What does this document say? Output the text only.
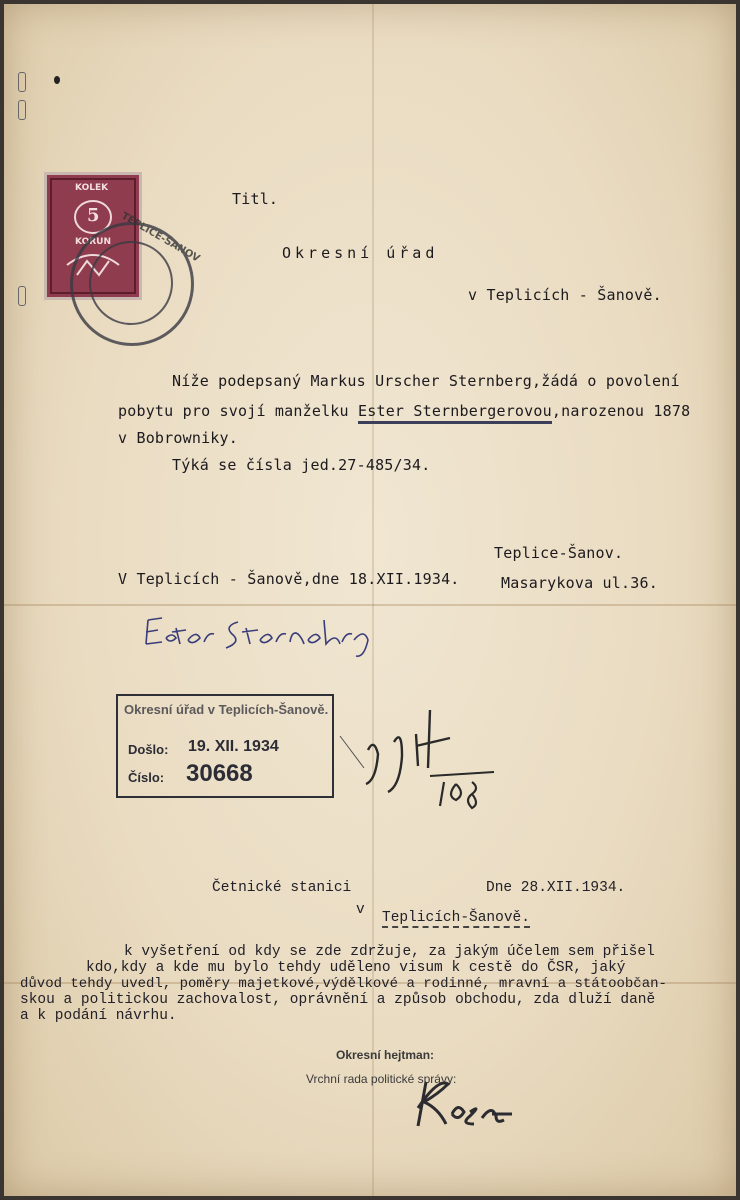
KOLEK
5
KORUN TEPLICE-ŠANOV
Titl.
Okresní úřad
v Teplicích - Šanově.
Níže podepsaný Markus Urscher Sternberg,žádá o povolení
pobytu pro svojí manželku Ester Sternbergerovou,narozenou 1878
v Bobrowniky.
Týká se čísla jed.27-485/34.
Teplice-Šanov.
V Teplicích - Šanově,dne 18.XII.1934.	Masarykova ul.36.
Okresní úřad v Teplicích-Šanově.
Došlo: 19. XII. 1934
Číslo: 30668
Četnické stanici	Dne 28.XII.1934.
v Teplicích-Šanově.
k vyšetření od kdy se zde zdržuje, za jakým účelem sem přišel
kdo,kdy a kde mu bylo tehdy uděleno visum k cestě do ČSR, jaký
důvod tehdy uvedl, poměry majetkové,výdělkové a rodinné, mravní a státoobčan-
skou a politickou zachovalost, oprávnění a způsob obchodu, zda dluží daně
a k podání návrhu.
Okresní hejtman:
Vrchní rada politické správy:
